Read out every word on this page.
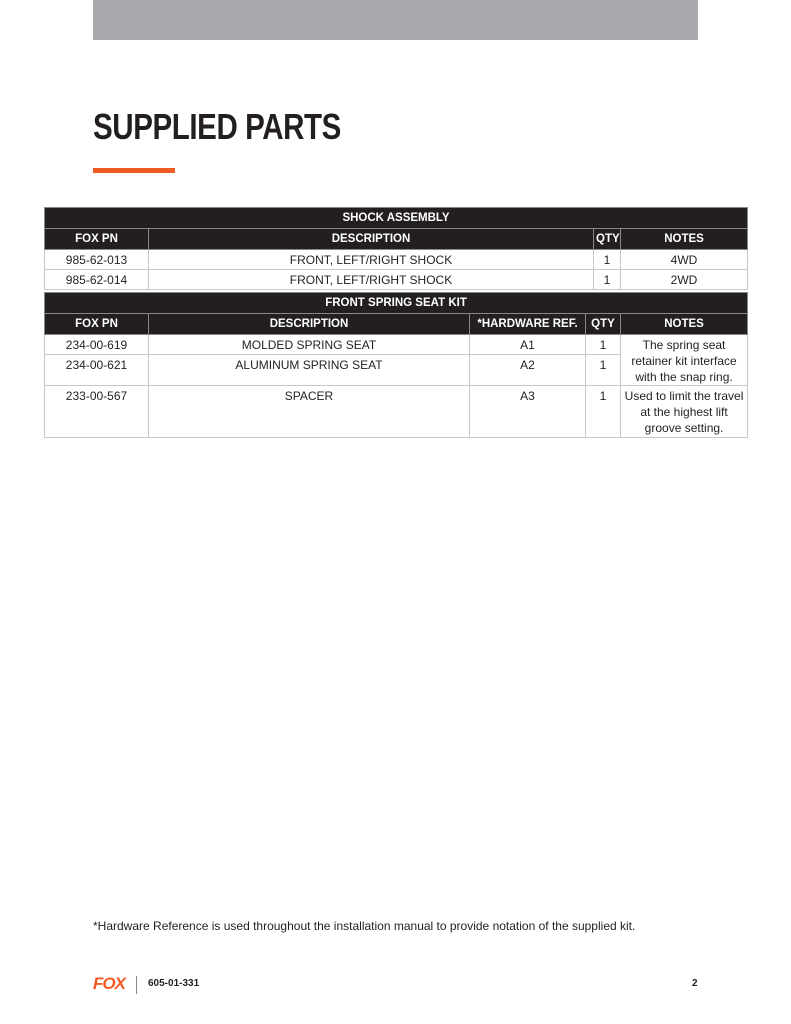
SUPPLIED PARTS
SHOCK ASSEMBLY			
FOX PN	DESCRIPTION	QTY	NOTES
985-62-013	FRONT, LEFT/RIGHT SHOCK	1	4WD
985-62-014	FRONT, LEFT/RIGHT SHOCK	1	2WD
FRONT SPRING SEAT KIT				
FOX PN	DESCRIPTION	*HARDWARE REF.	QTY	NOTES
234-00-619	MOLDED SPRING SEAT	A1	1	The spring seat retainer kit interface with the snap ring.
234-00-621	ALUMINUM SPRING SEAT	A2	1	
233-00-567	SPACER	A3	1	Used to limit the travel at the highest lift groove setting.
*Hardware Reference is used throughout the installation manual to provide notation of the supplied kit.
FOX 605-01-331	2
